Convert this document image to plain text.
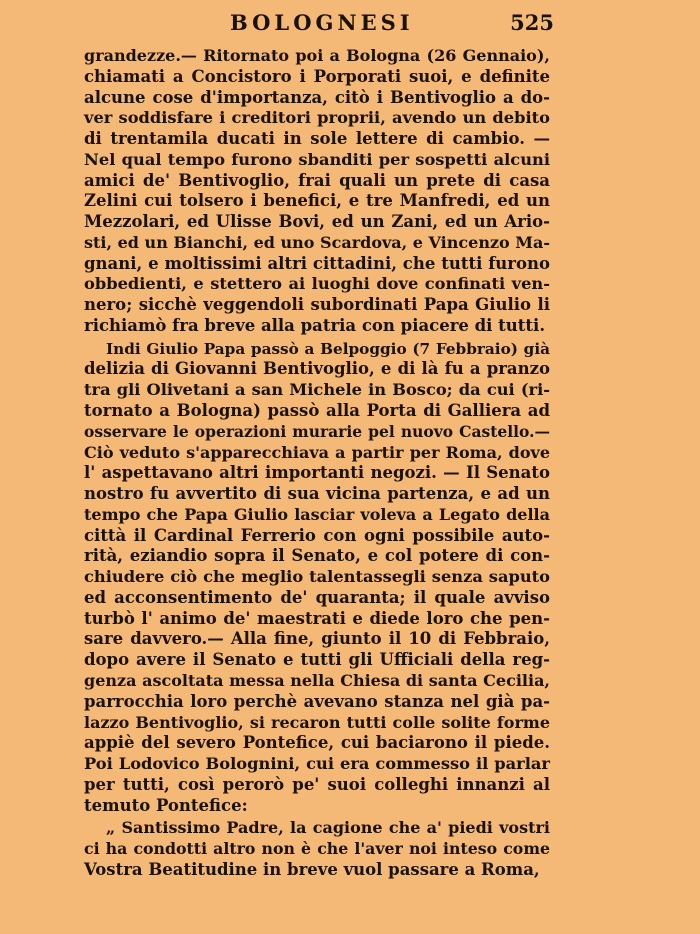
BOLOGNESI	525
grandezze.— Ritornato poi a Bologna (26 Gennaio),
chiamati a Concistoro i Porporati suoi, e definite
alcune cose d'importanza, citò i Bentivoglio a do-
ver soddisfare i creditori proprii, avendo un debito
di trentamila ducati in sole lettere di cambio. —
Nel qual tempo furono sbanditi per sospetti alcuni
amici de' Bentivoglio, frai quali un prete di casa
Zelini cui tolsero i benefici, e tre Manfredi, ed un
Mezzolari, ed Ulisse Bovi, ed un Zani, ed un Ario-
sti, ed un Bianchi, ed uno Scardova, e Vincenzo Ma-
gnani, e moltissimi altri cittadini, che tutti furono
obbedienti, e stettero ai luoghi dove confinati ven-
nero; sicchè veggendoli subordinati Papa Giulio li
richiamò fra breve alla patria con piacere di tutti.
Indi Giulio Papa passò a Belpoggio (7 Febbraio) già
delizia di Giovanni Bentivoglio, e di là fu a pranzo
tra gli Olivetani a san Michele in Bosco; da cui (ri-
tornato a Bologna) passò alla Porta di Galliera ad
osservare le operazioni murarie pel nuovo Castello.—
Ciò veduto s'apparecchiava a partir per Roma, dove
l' aspettavano altri importanti negozi. — Il Senato
nostro fu avvertito di sua vicina partenza, e ad un
tempo che Papa Giulio lasciar voleva a Legato della
città il Cardinal Ferrerio con ogni possibile auto-
rità, eziandio sopra il Senato, e col potere di con-
chiudere ciò che meglio talentassegli senza saputo
ed acconsentimento de' quaranta; il quale avviso
turbò l' animo de' maestrati e diede loro che pen-
sare davvero.— Alla fine, giunto il 10 di Febbraio,
dopo avere il Senato e tutti gli Ufficiali della reg-
genza ascoltata messa nella Chiesa di santa Cecilia,
parrocchia loro perchè avevano stanza nel già pa-
lazzo Bentivoglio, si recaron tutti colle solite forme
appiè del severo Pontefice, cui baciarono il piede.
Poi Lodovico Bolognini, cui era commesso il parlar
per tutti, così perorò pe' suoi colleghi innanzi al
temuto Pontefice:
„ Santissimo Padre, la cagione che a' piedi vostri
ci ha condotti altro non è che l'aver noi inteso come
Vostra Beatitudine in breve vuol passare a Roma,
